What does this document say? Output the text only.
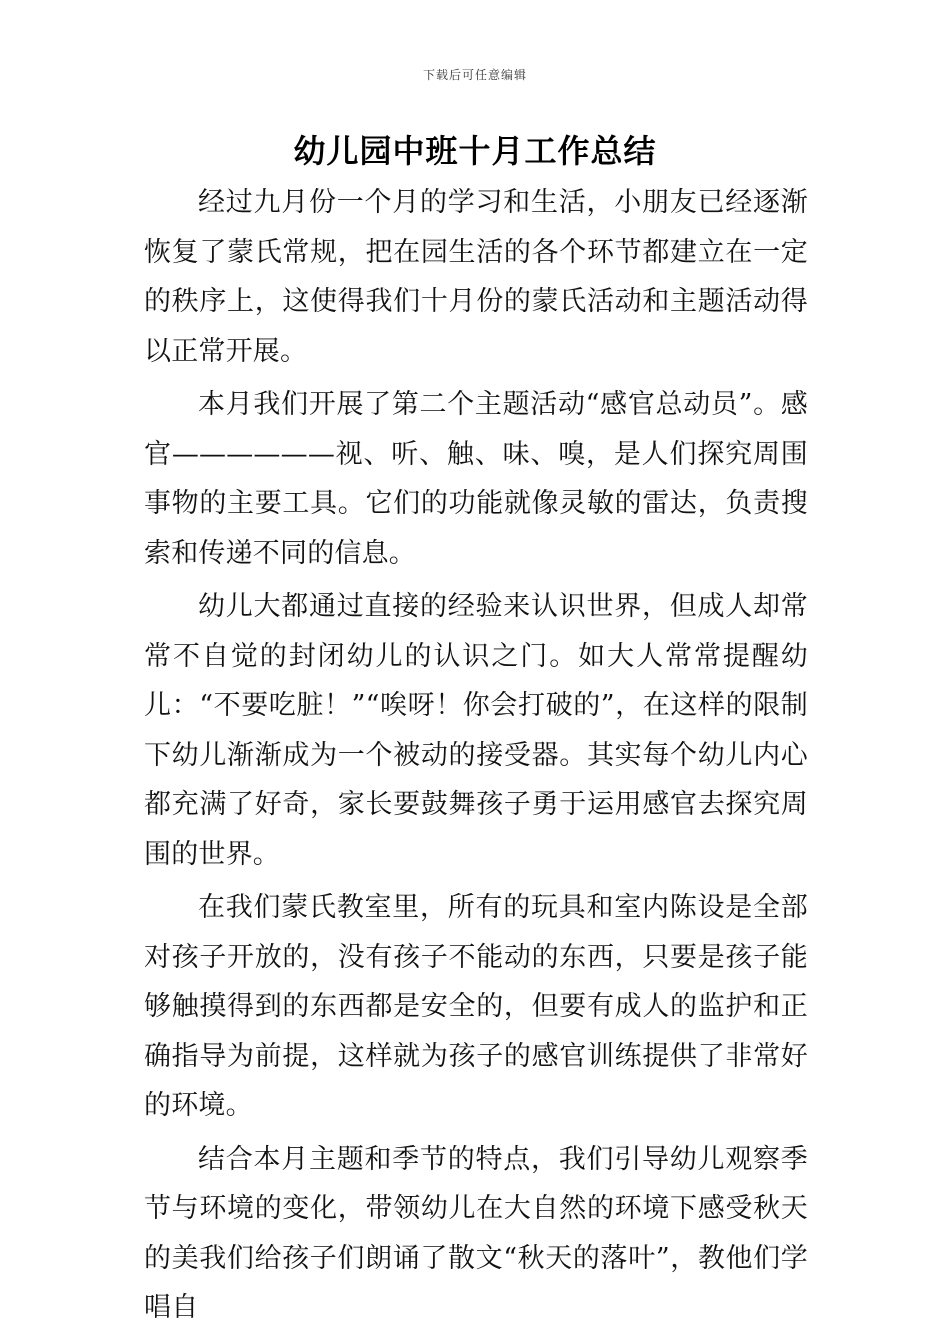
下载后可任意编辑
幼儿园中班十月工作总结

经过九月份一个月的学习和生活，小朋友已经逐渐恢复了蒙氏常规，把在园生活的各个环节都建立在一定的秩序上，这使得我们十月份的蒙氏活动和主题活动得以正常开展。

本月我们开展了第二个主题活动“感官总动员”。感官——————视、听、触、味、嗅，是人们探究周围事物的主要工具。它们的功能就像灵敏的雷达，负责搜索和传递不同的信息。

幼儿大都通过直接的经验来认识世界，但成人却常常不自觉的封闭幼儿的认识之门。如大人常常提醒幼儿：“不要吃脏！”“唉呀！你会打破的”，在这样的限制下幼儿渐渐成为一个被动的接受器。其实每个幼儿内心都充满了好奇，家长要鼓舞孩子勇于运用感官去探究周围的世界。

在我们蒙氏教室里，所有的玩具和室内陈设是全部对孩子开放的，没有孩子不能动的东西，只要是孩子能够触摸得到的东西都是安全的，但要有成人的监护和正确指导为前提，这样就为孩子的感官训练提供了非常好的环境。

结合本月主题和季节的特点，我们引导幼儿观察季节与环境的变化，带领幼儿在大自然的环境下感受秋天的美我们给孩子们朗诵了散文“秋天的落叶”，教他们学唱自
